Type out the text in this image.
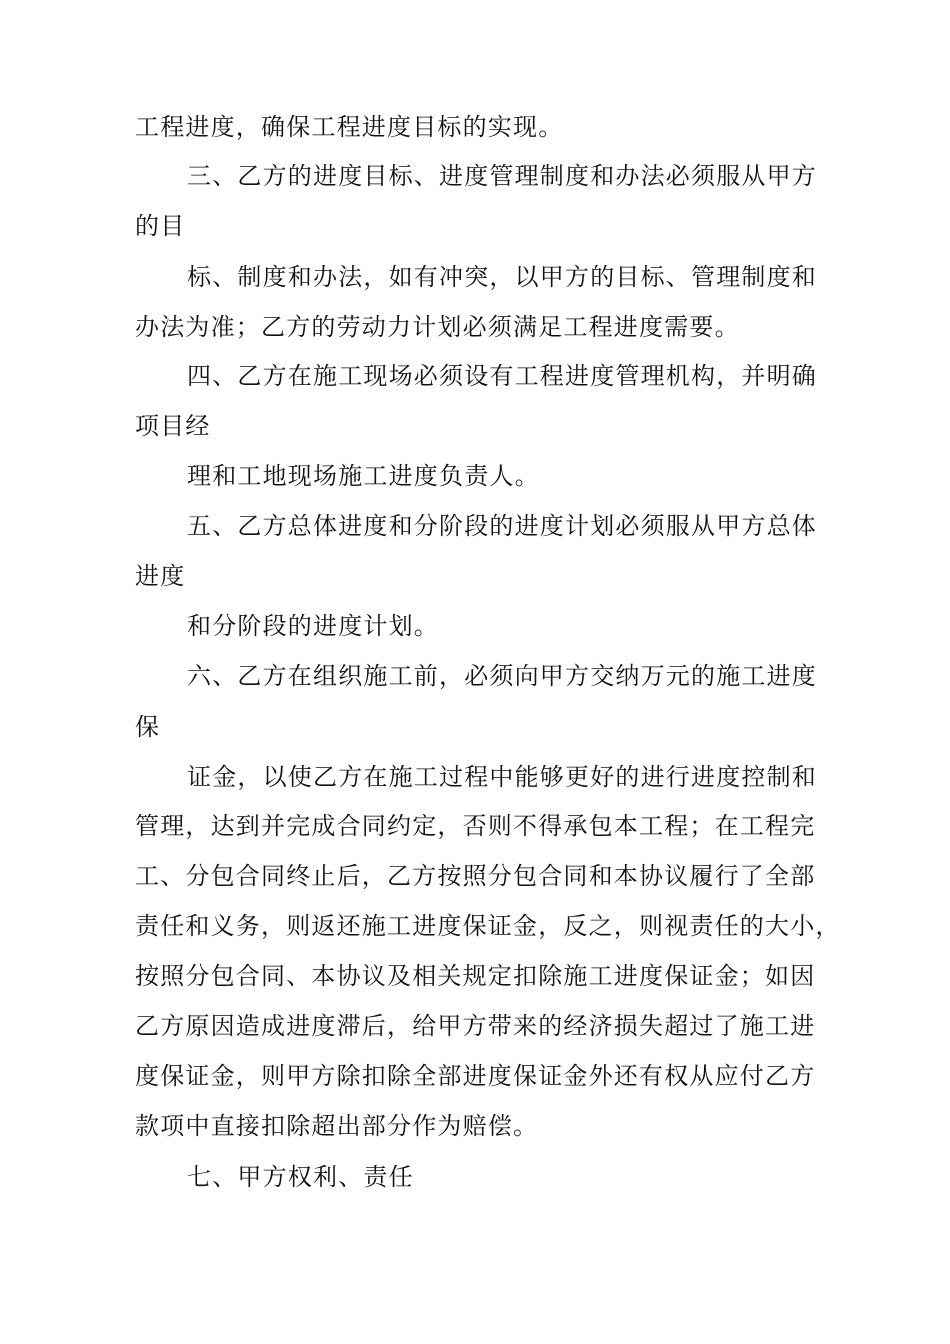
工程进度，确保工程进度目标的实现。
三、乙方的进度目标、进度管理制度和办法必须服从甲方
的目
标、制度和办法，如有冲突，以甲方的目标、管理制度和
办法为准；乙方的劳动力计划必须满足工程进度需要。
四、乙方在施工现场必须设有工程进度管理机构，并明确
项目经
理和工地现场施工进度负责人。
五、乙方总体进度和分阶段的进度计划必须服从甲方总体
进度
和分阶段的进度计划。
六、乙方在组织施工前，必须向甲方交纳万元的施工进度
保
证金，以使乙方在施工过程中能够更好的进行进度控制和
管理，达到并完成合同约定，否则不得承包本工程；在工程完
工、分包合同终止后，乙方按照分包合同和本协议履行了全部
责任和义务，则返还施工进度保证金，反之，则视责任的大小，
按照分包合同、本协议及相关规定扣除施工进度保证金；如因
乙方原因造成进度滞后，给甲方带来的经济损失超过了施工进
度保证金，则甲方除扣除全部进度保证金外还有权从应付乙方
款项中直接扣除超出部分作为赔偿。
七、甲方权利、责任
